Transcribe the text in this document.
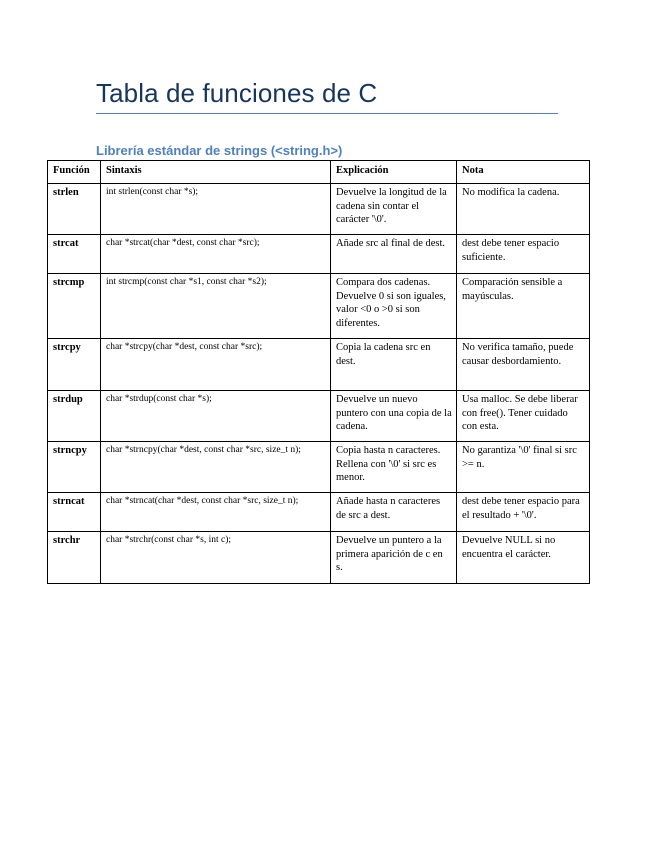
Tabla de funciones de C
Librería estándar de strings (<string.h>)
Función	Sintaxis	Explicación	Nota
strlen	int strlen(const char *s);	Devuelve la longitud de la cadena sin contar el carácter '\0'.	No modifica la cadena.
strcat	char *strcat(char *dest, const char *src);	Añade src al final de dest.	dest debe tener espacio suficiente.
strcmp	int strcmp(const char *s1, const char *s2);	Compara dos cadenas. Devuelve 0 si son iguales, valor <0 o >0 si son diferentes.	Comparación sensible a mayúsculas.
strcpy	char *strcpy(char *dest, const char *src);	Copia la cadena src en dest.	No verifica tamaño, puede causar desbordamiento.
strdup	char *strdup(const char *s);	Devuelve un nuevo puntero con una copia de la cadena.	Usa malloc. Se debe liberar con free(). Tener cuidado con esta.
strncpy	char *strncpy(char *dest, const char *src, size_t n);	Copia hasta n caracteres. Rellena con '\0' si src es menor.	No garantiza '\0' final si src >= n.
strncat	char *strncat(char *dest, const char *src, size_t n);	Añade hasta n caracteres de src a dest.	dest debe tener espacio para el resultado + '\0'.
strchr	char *strchr(const char *s, int c);	Devuelve un puntero a la primera aparición de c en s.	Devuelve NULL si no encuentra el carácter.
